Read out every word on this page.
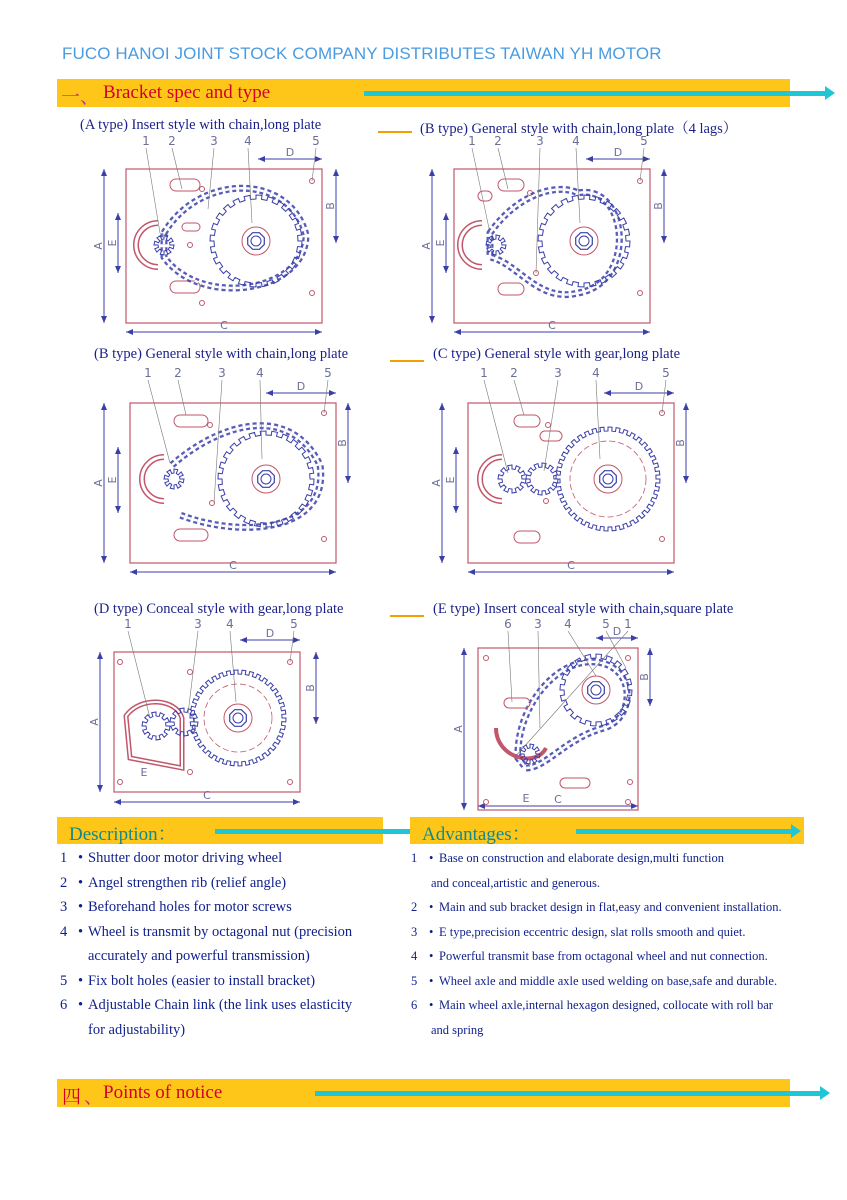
FUCO HANOI JOINT STOCK COMPANY DISTRIBUTES TAIWAN YH MOTOR
一、 Bracket spec and type
(A type) Insert style with chain,long plate	(B type) General style with chain,long plate（4 lags）
(B type) General style with chain,long plate	(C type) General style with gear,long plate
(D type) Conceal style with gear,long plate	(E type) Insert conceal style with chain,square plate
A
B
C
D
E
1 2	3 4	5
A
B
C
D
E
1 2	3 4	5
A
B
C
D
E
1 2	3	4	5
A
B
C
D
E
1 2	3	4	5
A
B
C
D
E
1	3 4	5
A
B
C
D
E
6 3 4	5 1
Description：	Advantages：
1 • Shutter door motor driving wheel
2 • Angel strengthen rib (relief angle)
3 • Beforehand holes for motor screws
4 • Wheel is transmit by octagonal nut (precision
accurately and powerful transmission)
5 • Fix bolt holes (easier to install bracket)
6 • Adjustable Chain link (the link uses elasticity
for adjustability)
1 • Base on construction and elaborate design,multi function
and conceal,artistic and generous.
2 • Main and sub bracket design in flat,easy and convenient installation.
3 • E type,precision eccentric design, slat rolls smooth and quiet.
4 • Powerful transmit base from octagonal wheel and nut connection.
5 • Wheel axle and middle axle used welding on base,safe and durable.
6 • Main wheel axle,internal hexagon designed, collocate with roll bar
and spring
四 、 Points of notice
